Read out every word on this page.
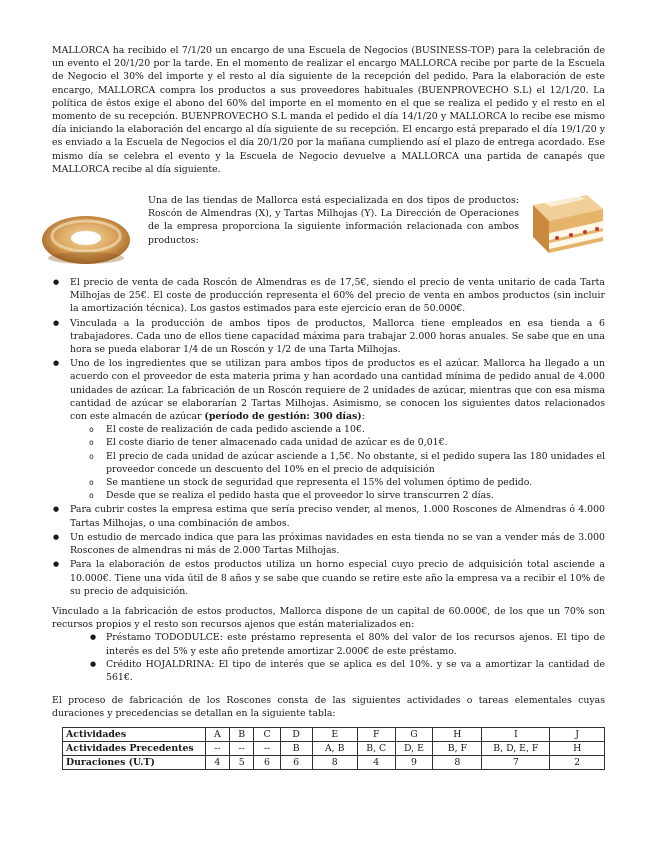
MALLORCA ha recibido el 7/1/20 un encargo de una Escuela de Negocios (BUSINESS-TOP) para la celebración de un evento el 20/1/20 por la tarde. En el momento de realizar el encargo MALLORCA recibe por parte de la Escuela de Negocio el 30% del importe y el resto al día siguiente de la recepción del pedido. Para la elaboración de este encargo, MALLORCA compra los productos a sus proveedores habituales (BUENPROVECHO S.L) el 12/1/20. La política de éstos exige el abono del 60% del importe en el momento en el que se realiza el pedido y el resto en el momento de su recepción. BUENPROVECHO S.L manda el pedido el día 14/1/20 y MALLORCA lo recibe ese mismo día iniciando la elaboración del encargo al día siguiente de su recepción. El encargo está preparado el día 19/1/20 y es enviado a la Escuela de Negocios el día 20/1/20 por la mañana cumpliendo así el plazo de entrega acordado. Ese mismo día se celebra el evento y la Escuela de Negocio devuelve a MALLORCA una partida de canapés que MALLORCA recibe al día siguiente.

Una de las tiendas de Mallorca está especializada en dos tipos de productos: Roscón de Almendras (X), y Tartas Milhojas (Y). La Dirección de Operaciones de la empresa proporciona la siguiente información relacionada con ambos productos:

● El precio de venta de cada Roscón de Almendras es de 17,5€, siendo el precio de venta unitario de cada Tarta Milhojas de 25€. El coste de producción representa el 60% del precio de venta en ambos productos (sin incluir la amortización técnica). Los gastos estimados para este ejercicio eran de 50.000€.
● Vinculada a la producción de ambos tipos de productos, Mallorca tiene empleados en esa tienda a 6 trabajadores. Cada uno de ellos tiene capacidad máxima para trabajar 2.000 horas anuales. Se sabe que en una hora se pueda elaborar 1/4 de un Roscón y 1/2 de una Tarta Milhojas.
● Uno de los ingredientes que se utilizan para ambos tipos de productos es el azúcar. Mallorca ha llegado a un acuerdo con el proveedor de esta materia prima y han acordado una cantidad mínima de pedido anual de 4.000 unidades de azúcar. La fabricación de un Roscón requiere de 2 unidades de azúcar, mientras que con esa misma cantidad de azúcar se elaborarían 2 Tartas Milhojas. Asimismo, se conocen los siguientes datos relacionados con este almacén de azúcar (período de gestión: 300 días):
o El coste de realización de cada pedido asciende a 10€.
o El coste diario de tener almacenado cada unidad de azúcar es de 0,01€.
o El precio de cada unidad de azúcar asciende a 1,5€. No obstante, si el pedido supera las 180 unidades el proveedor concede un descuento del 10% en el precio de adquisición
o Se mantiene un stock de seguridad que representa el 15% del volumen óptimo de pedido.
o Desde que se realiza el pedido hasta que el proveedor lo sirve transcurren 2 días.
● Para cubrir costes la empresa estima que sería preciso vender, al menos, 1.000 Roscones de Almendras ó 4.000 Tartas Milhojas, o una combinación de ambos.
● Un estudio de mercado indica que para las próximas navidades en esta tienda no se van a vender más de 3.000 Roscones de almendras ni más de 2.000 Tartas Milhojas.
● Para la elaboración de estos productos utiliza un horno especial cuyo precio de adquisición total asciende a 10.000€. Tiene una vida útil de 8 años y se sabe que cuando se retire este año la empresa va a recibir el 10% de su precio de adquisición.

Vinculado a la fabricación de estos productos, Mallorca dispone de un capital de 60.000€, de los que un 70% son recursos propios y el resto son recursos ajenos que están materializados en:

● Préstamo TODODULCE: este préstamo representa el 80% del valor de los recursos ajenos. El tipo de interés es del 5% y este año pretende amortizar 2.000€ de este préstamo.
● Crédito HOJALDRINA: El tipo de interés que se aplica es del 10%. y se va a amortizar la cantidad de 561€.

El proceso de fabricación de los Roscones consta de las siguientes actividades o tareas elementales cuyas duraciones y precedencias se detallan en la siguiente tabla:

Actividades	A	B	C	D	E	F	G	H	I	J
Actividades Precedentes	--	--	--	B	A, B	B, C	D, E	B, F	B, D, E, F	H
Duraciones (U.T)	4	5	6	6	8	4	9	8	7	2
